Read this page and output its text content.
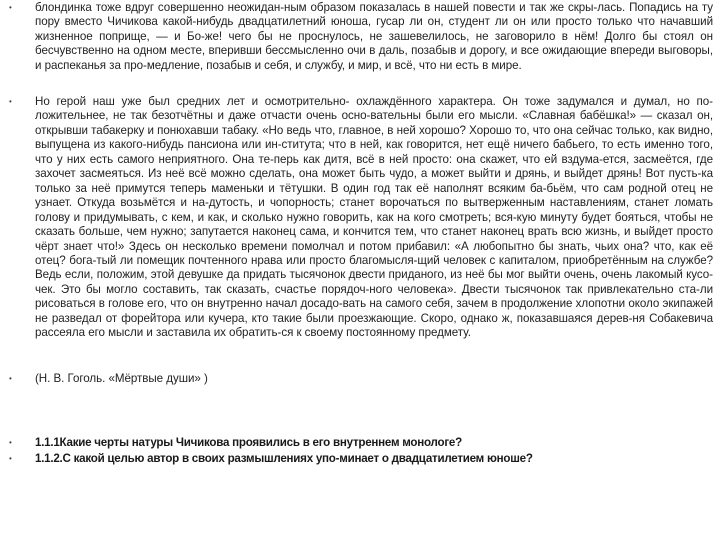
• блондинка тоже вдруг совершенно неожидан-ным образом показалась в нашей повести и так же скры-лась. Попадись на ту пору вместо Чичикова какой-нибудь двадцатилетний юноша, гусар ли он, студент ли он или просто только что начавший жизненное поприще, — и Бо-же! чего бы не проснулось, не зашевелилось, не заговорило в нём! Долго бы стоял он бесчувственно на одном месте, вперивши бессмысленно очи в даль, позабыв и дорогу, и все ожидающие впереди выговоры, и распеканья за про-медление, позабыв и себя, и службу, и мир, и всё, что ни есть в мире.

• Но герой наш уже был средних лет и осмотрительно- охлаждённого характера. Он тоже задумался и думал, но по- ложительнее, не так безотчётны и даже отчасти очень осно-вательны были его мысли. «Славная бабёшка!» — сказал он, открывши табакерку и понюхавши табаку. «Но ведь что, главное, в ней хорошо? Хорошо то, что она сейчас только, как видно, выпущена из какого-нибудь пансиона или ин-ститута; что в ней, как говорится, нет ещё ничего бабьего, то есть именно того, что у них есть самого неприятного. Она те-перь как дитя, всё в ней просто: она скажет, что ей вздума-ется, засмеётся, где захочет засмеяться. Из неё всё можно сделать, она может быть чудо, а может выйти и дрянь, и выйдет дрянь! Вот пусть-ка только за неё примутся теперь маменьки и тётушки. В один год так её наполнят всяким ба-бьём, что сам родной отец не узнает. Откуда возьмётся и на-дутость, и чопорность; станет ворочаться по вытверженным наставлениям, станет ломать голову и придумывать, с кем, и как, и сколько нужно говорить, как на кого смотреть; вся-кую минуту будет бояться, чтобы не сказать больше, чем нужно; запутается наконец сама, и кончится тем, что станет наконец врать всю жизнь, и выйдет просто чёрт знает что!» Здесь он несколько времени помолчал и потом прибавил: «А любопытно бы знать, чьих она? что, как её отец? бога-тый ли помещик почтенного нрава или просто благомысля-щий человек с капиталом, приобретённым на службе? Ведь если, положим, этой девушке да придать тысячонок двести приданого, из неё бы мог выйти очень, очень лакомый кусо-чек. Это бы могло составить, так сказать, счастье порядоч-ного человека». Двести тысячонок так привлекательно ста-ли рисоваться в голове его, что он внутренно начал досадо-вать на самого себя, зачем в продолжение хлопотни около экипажей не разведал от форейтора или кучера, кто такие были проезжающие. Скоро, однако ж, показавшаяся дерев-ня Собакевича рассеяла его мысли и заставила их обратить-ся к своему постоянному предмету.

• (Н. В. Гоголь. «Мёртвые души» )

• 1.1.1Какие черты натуры Чичикова проявились в его внутреннем монологе?

• 1.1.2.С какой целью автор в своих размышлениях упо-минает о двадцатилетием юноше?
